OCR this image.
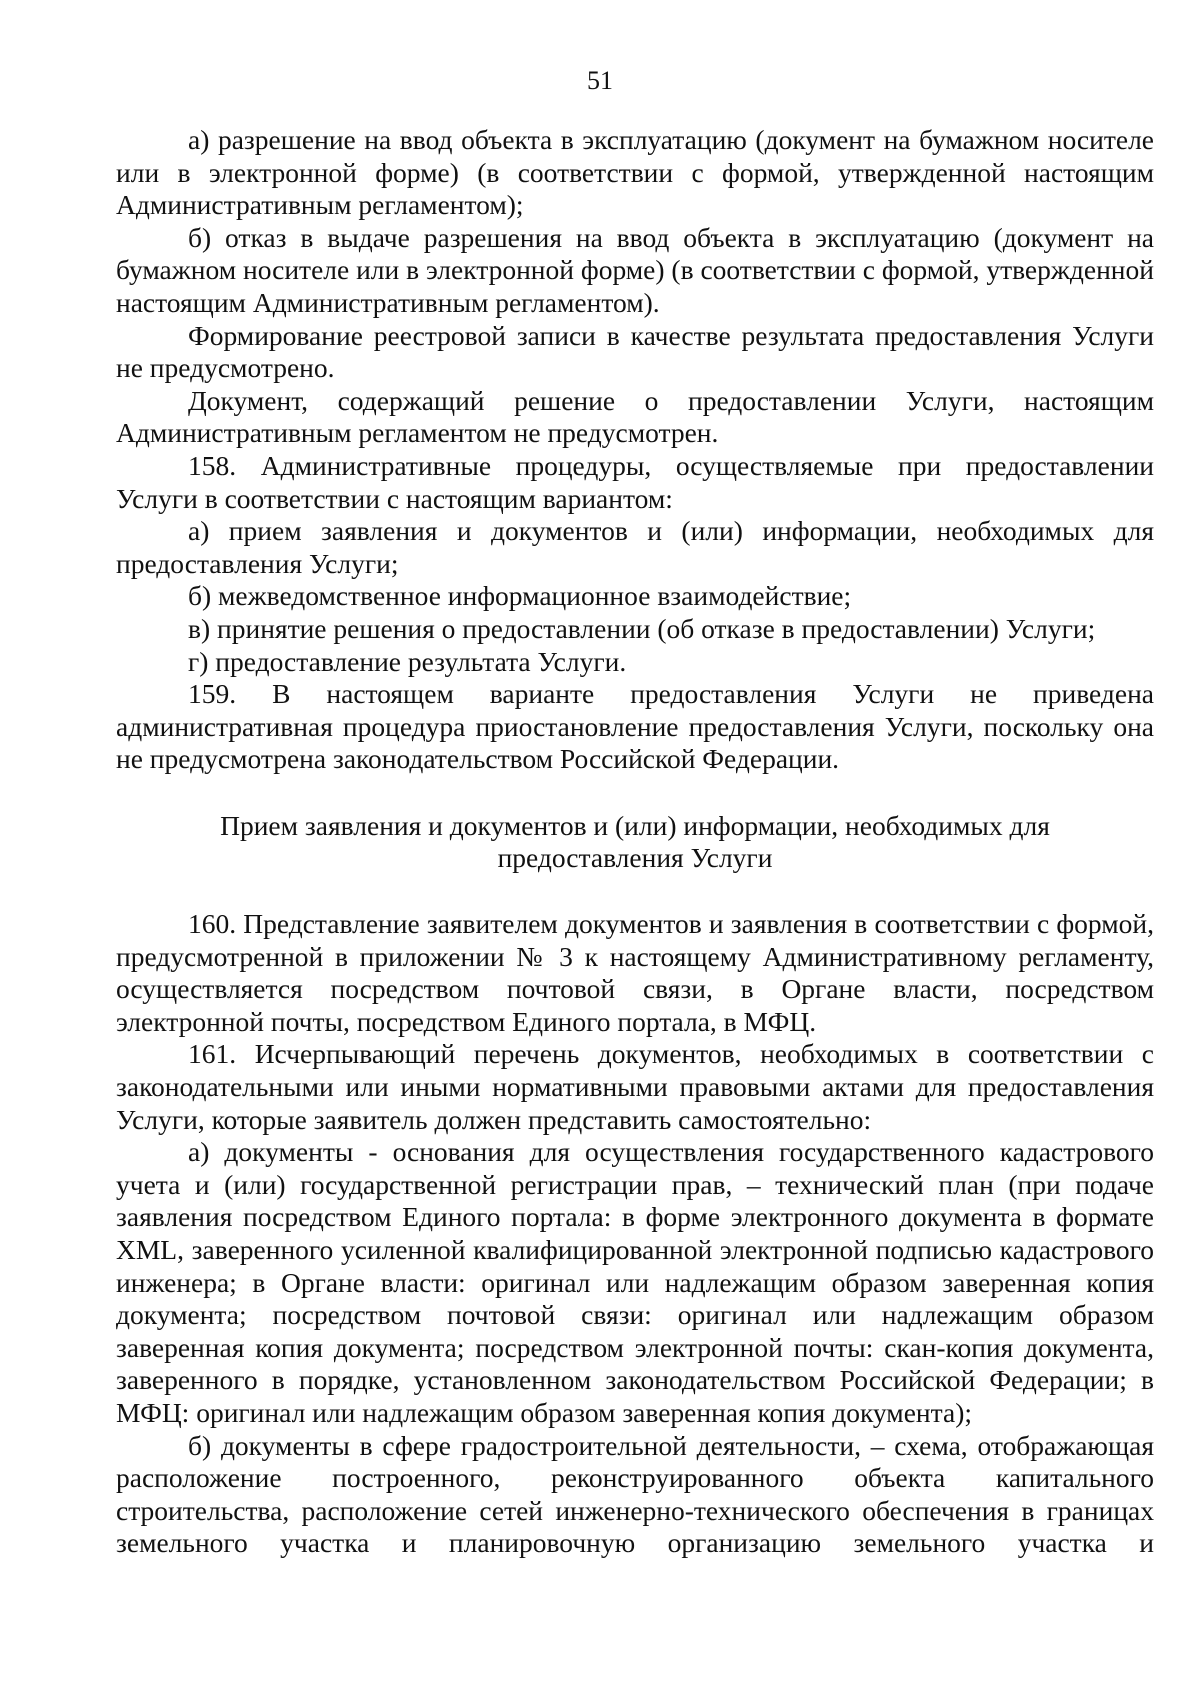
51

а) разрешение на ввод объекта в эксплуатацию (документ на бумажном носителе или в электронной форме) (в соответствии с формой, утвержденной настоящим Административным регламентом);

б) отказ в выдаче разрешения на ввод объекта в эксплуатацию (документ на бумажном носителе или в электронной форме) (в соответствии с формой, утвержденной настоящим Административным регламентом).

Формирование реестровой записи в качестве результата предоставления Услуги не предусмотрено.

Документ, содержащий решение о предоставлении Услуги, настоящим Административным регламентом не предусмотрен.

158. Административные процедуры, осуществляемые при предоставлении Услуги в соответствии с настоящим вариантом:

а) прием заявления и документов и (или) информации, необходимых для предоставления Услуги;

б) межведомственное информационное взаимодействие;

в) принятие решения о предоставлении (об отказе в предоставлении) Услуги;

г) предоставление результата Услуги.

159. В настоящем варианте предоставления Услуги не приведена административная процедура приостановление предоставления Услуги, поскольку она не предусмотрена законодательством Российской Федерации.

Прием заявления и документов и (или) информации, необходимых для
предоставления Услуги

160. Представление заявителем документов и заявления в соответствии с формой, предусмотренной в приложении № 3 к настоящему Административному регламенту, осуществляется посредством почтовой связи, в Органе власти, посредством электронной почты, посредством Единого портала, в МФЦ.

161. Исчерпывающий перечень документов, необходимых в соответствии с законодательными или иными нормативными правовыми актами для предоставления Услуги, которые заявитель должен представить самостоятельно:

а) документы - основания для осуществления государственного кадастрового учета и (или) государственной регистрации прав, – технический план (при подаче заявления посредством Единого портала: в форме электронного документа в формате XML, заверенного усиленной квалифицированной электронной подписью кадастрового инженера; в Органе власти: оригинал или надлежащим образом заверенная копия документа; посредством почтовой связи: оригинал или надлежащим образом заверенная копия документа; посредством электронной почты: скан-копия документа, заверенного в порядке, установленном законодательством Российской Федерации; в МФЦ: оригинал или надлежащим образом заверенная копия документа);

б) документы в сфере градостроительной деятельности, – схема, отображающая расположение построенного, реконструированного объекта капитального строительства, расположение сетей инженерно-технического обеспечения в границах земельного участка и планировочную организацию земельного участка и
